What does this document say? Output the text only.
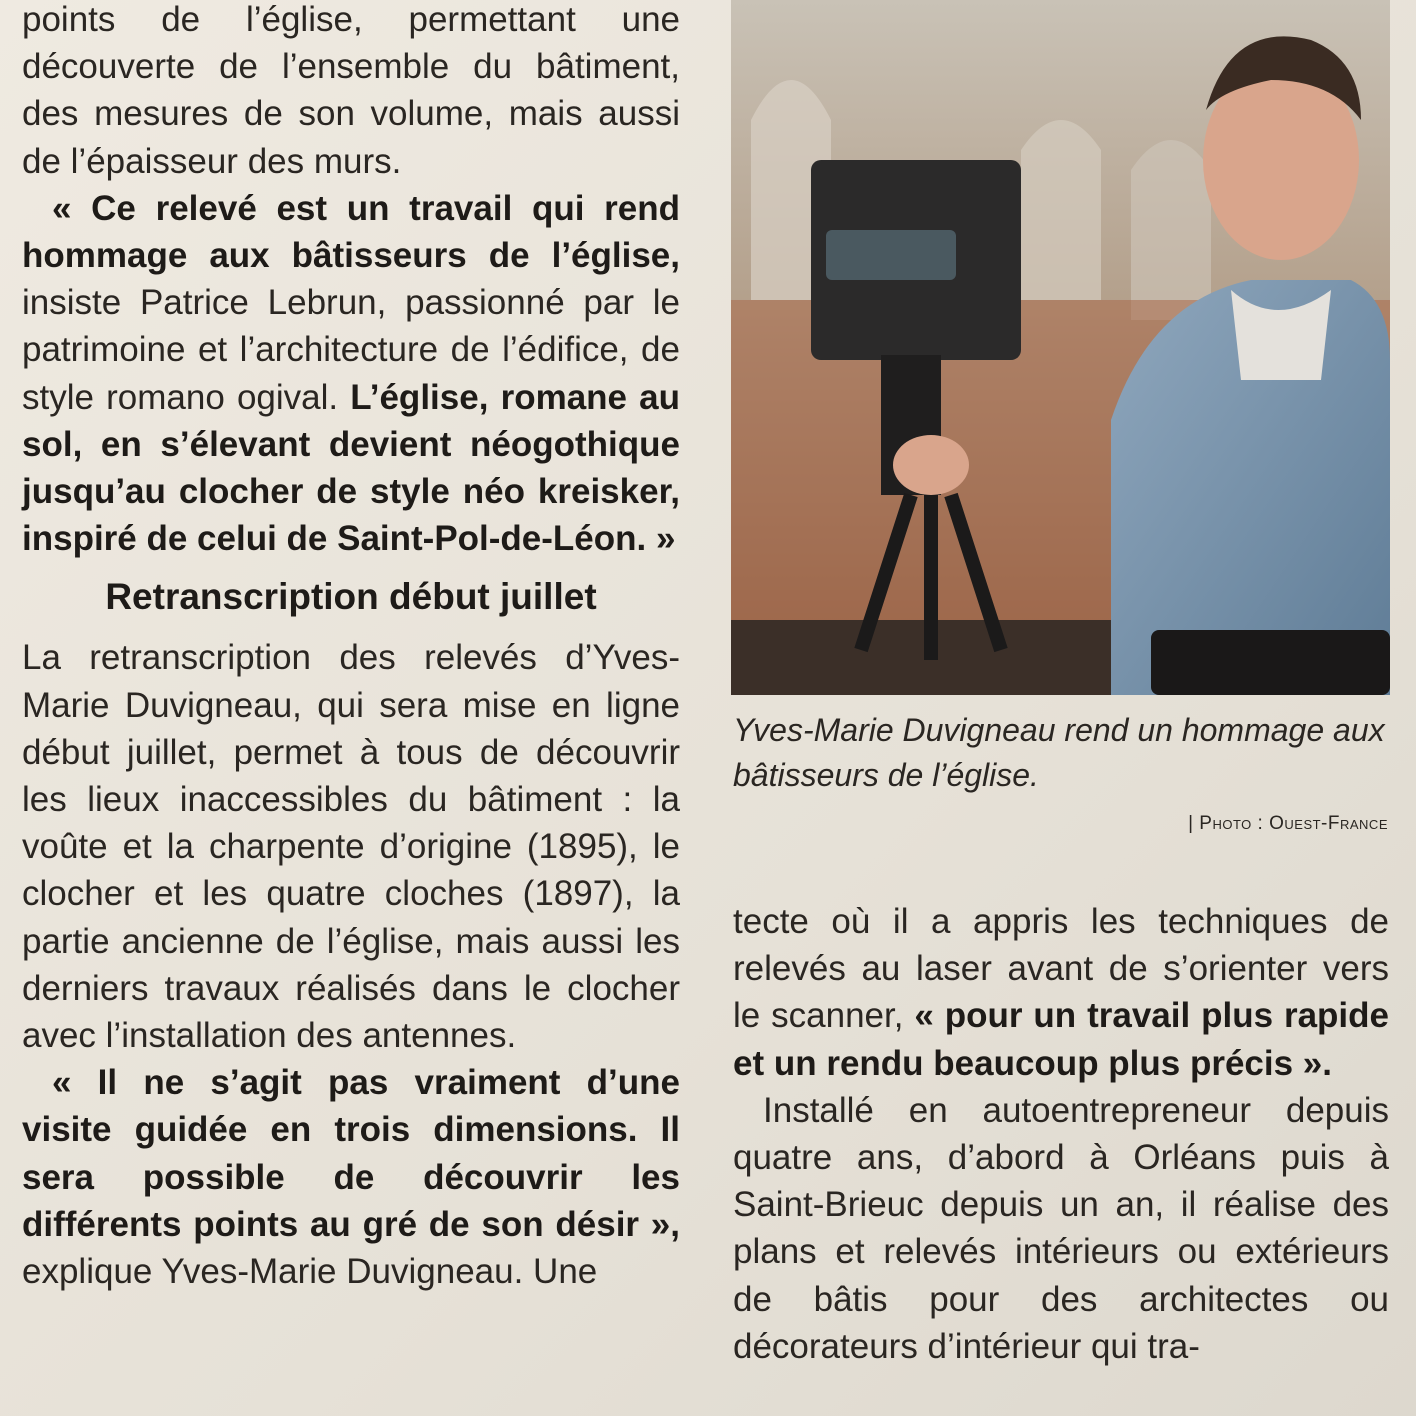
points de l’église, permettant une découverte de l’ensemble du bâtiment, des mesures de son volume, mais aussi de l’épaisseur des murs.

« Ce relevé est un travail qui rend hommage aux bâtisseurs de l’église, insiste Patrice Lebrun, passionné par le patrimoine et l’architecture de l’édifice, de style romano ogival. L’église, romane au sol, en s’élevant devient néogothique jusqu’au clocher de style néo kreisker, inspiré de celui de Saint-Pol-de-Léon. »

Retranscription début juillet

La retranscription des relevés d’Yves-Marie Duvigneau, qui sera mise en ligne début juillet, permet à tous de découvrir les lieux inaccessibles du bâtiment : la voûte et la charpente d’origine (1895), le clocher et les quatre cloches (1897), la partie ancienne de l’église, mais aussi les derniers travaux réalisés dans le clocher avec l’installation des antennes.

« Il ne s’agit pas vraiment d’une visite guidée en trois dimensions. Il sera possible de découvrir les différents points au gré de son désir », explique Yves-Marie Duvigneau. Une

Yves-Marie Duvigneau rend un hommage aux bâtisseurs de l’église.
| Photo : Ouest-France

tecte où il a appris les techniques de relevés au laser avant de s’orienter vers le scanner, « pour un travail plus rapide et un rendu beaucoup plus précis ».

Installé en autoentrepreneur depuis quatre ans, d’abord à Orléans puis à Saint-Brieuc depuis un an, il réalise des plans et relevés intérieurs ou extérieurs de bâtis pour des architectes ou décorateurs d’intérieur qui tra-
